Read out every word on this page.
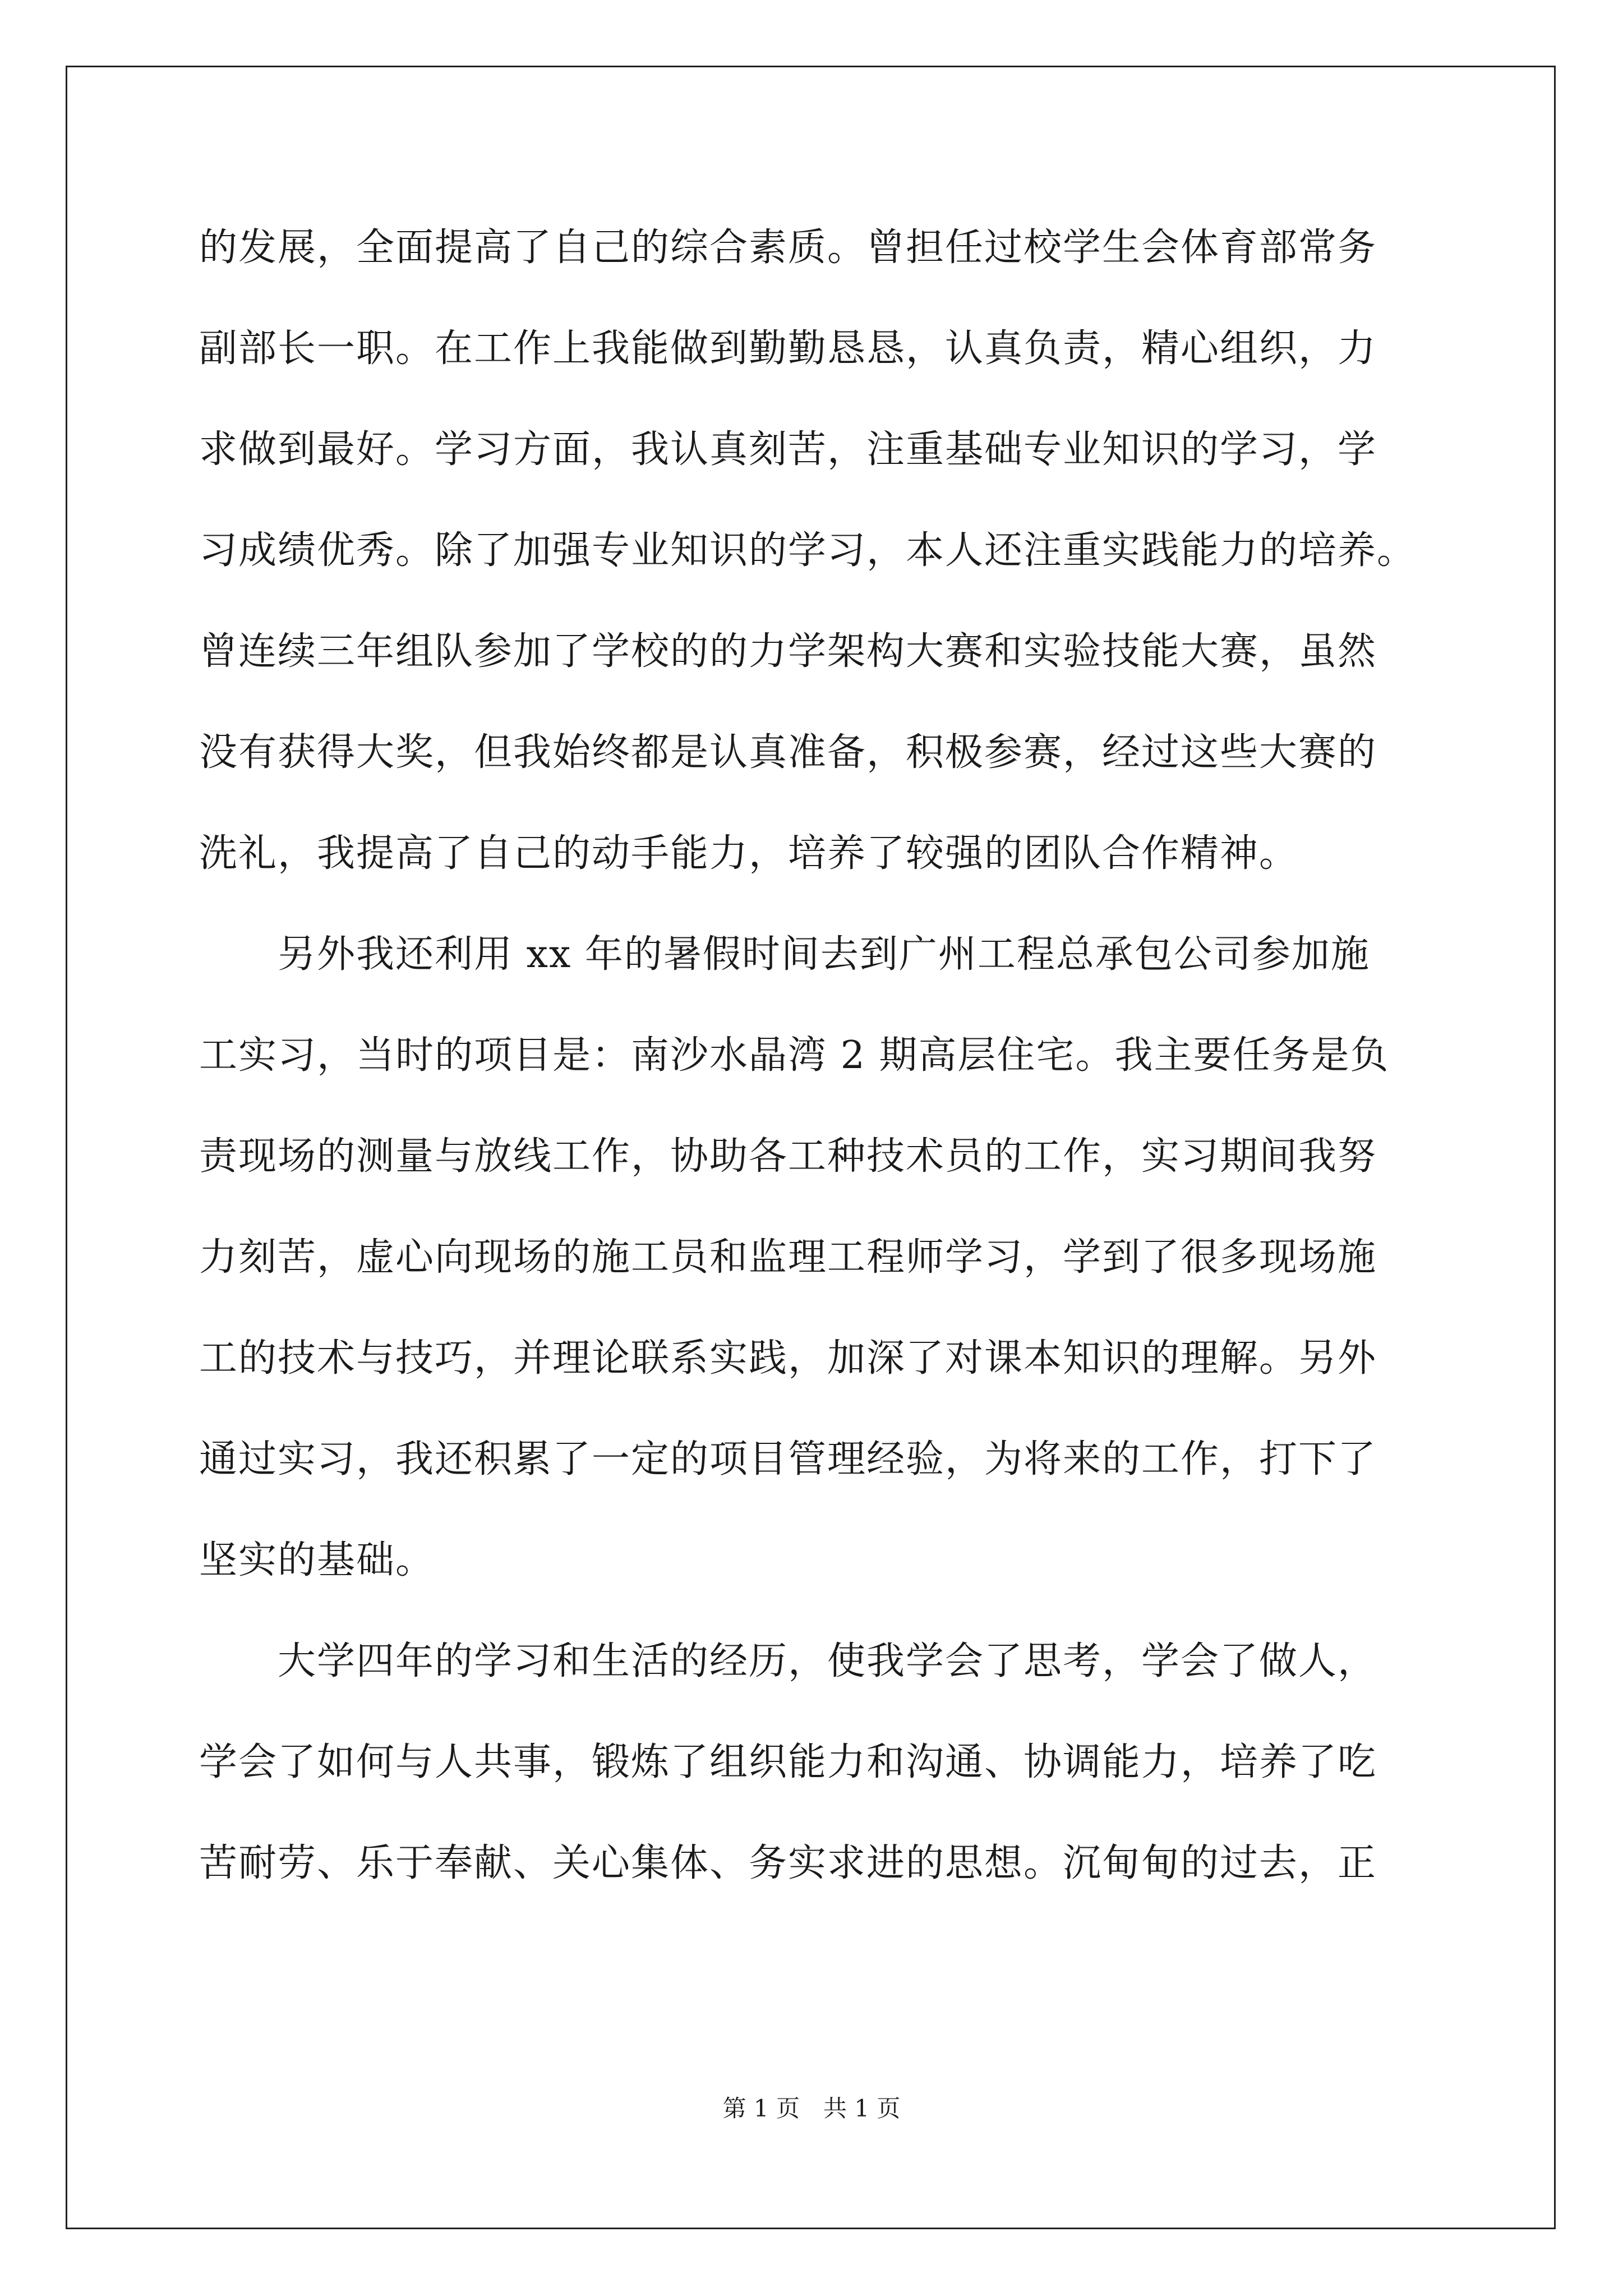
的发展，全面提高了自己的综合素质。曾担任过校学生会体育部常务
副部长一职。在工作上我能做到勤勤恳恳，认真负责，精心组织，力
求做到最好。学习方面，我认真刻苦，注重基础专业知识的学习，学
习成绩优秀。除了加强专业知识的学习，本人还注重实践能力的培养。
曾连续三年组队参加了学校的的力学架构大赛和实验技能大赛，虽然
没有获得大奖，但我始终都是认真准备，积极参赛，经过这些大赛的
洗礼，我提高了自己的动手能力，培养了较强的团队合作精神。
　　另外我还利用 xx 年的暑假时间去到广州工程总承包公司参加施
工实习，当时的项目是：南沙水晶湾 2 期高层住宅。我主要任务是负
责现场的测量与放线工作，协助各工种技术员的工作，实习期间我努
力刻苦，虚心向现场的施工员和监理工程师学习，学到了很多现场施
工的技术与技巧，并理论联系实践，加深了对课本知识的理解。另外
通过实习，我还积累了一定的项目管理经验，为将来的工作，打下了
坚实的基础。
　　大学四年的学习和生活的经历，使我学会了思考，学会了做人，
学会了如何与人共事，锻炼了组织能力和沟通、协调能力，培养了吃
苦耐劳、乐于奉献、关心集体、务实求进的思想。沉甸甸的过去，正
第 1 页　共 1 页
